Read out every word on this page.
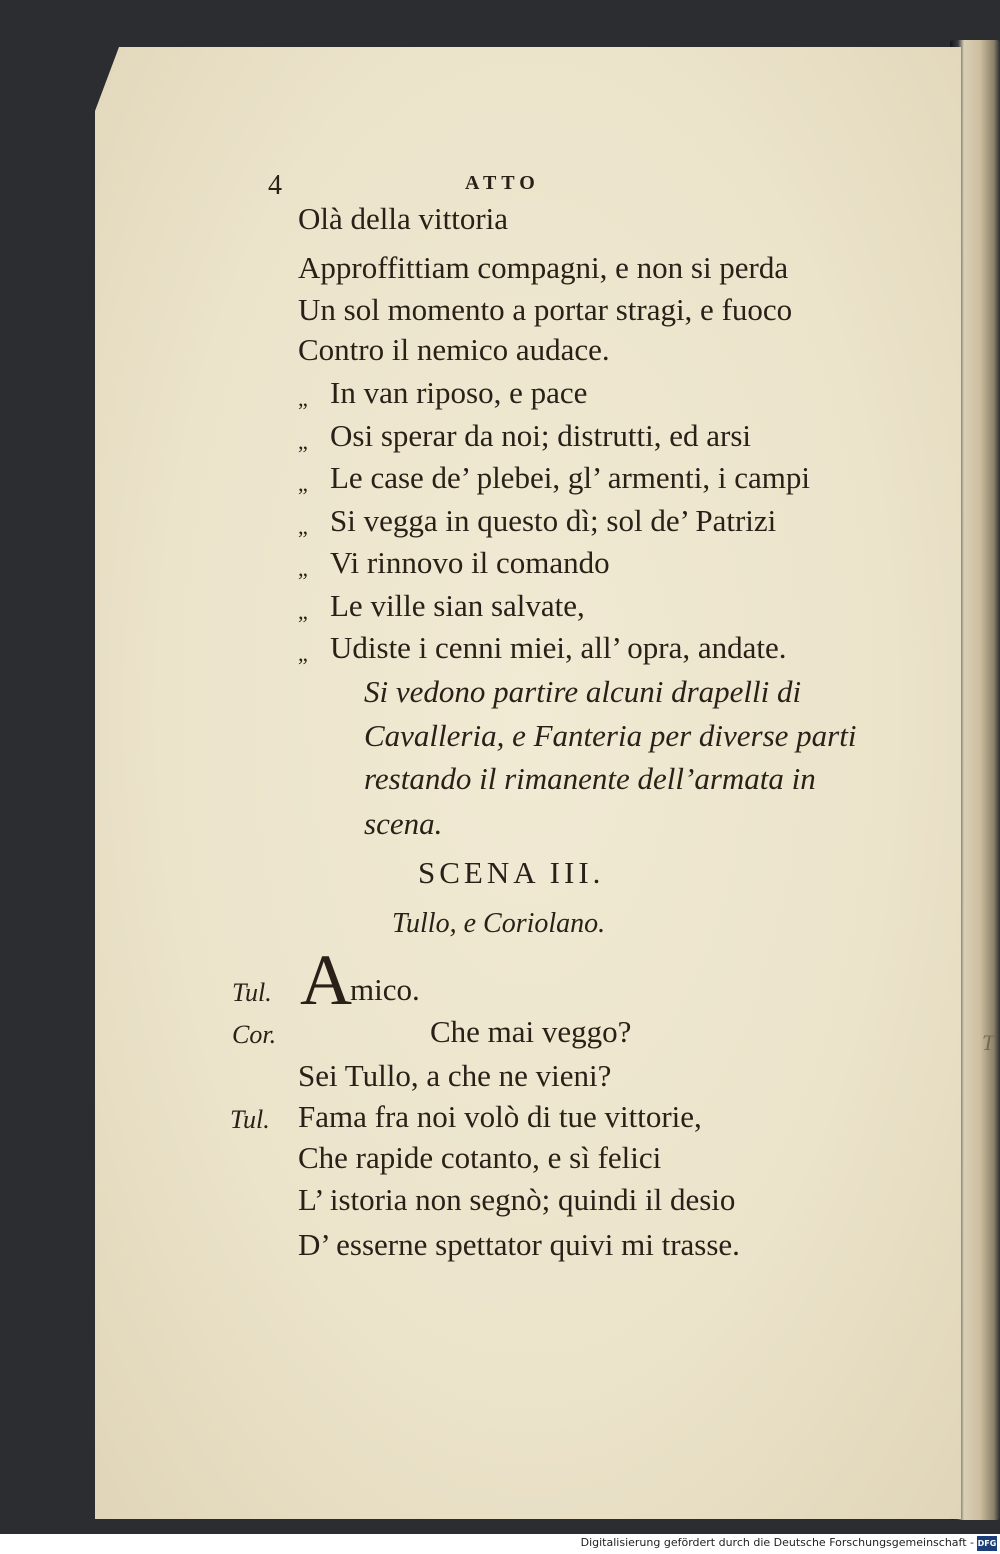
T
4	ATTO
Olà della vittoria
Approffittiam compagni, e non si perda
Un sol momento a portar stragi, e fuoco
Contro il nemico audace.
„ In van riposo, e pace
„ Osi sperar da noi; distrutti, ed arsi
„ Le case de’ plebei, gl’ armenti, i campi
„ Si vegga in questo dì; sol de’ Patrizi
„ Vi rinnovo il comando
„ Le ville sian salvate,
„ Udiste i cenni miei, all’ opra, andate.
Si vedono partire alcuni drapelli di
Cavalleria, e Fanteria per diverse parti
restando il rimanente dell’armata in
scena.
SCENA III.
Tullo, e Coriolano.
Tul. A
mico.
Cor.	Che mai veggo?
Sei Tullo, a che ne vieni?
Tul. Fama fra noi volò di tue vittorie,
Che rapide cotanto, e sì felici
L’ istoria non segnò; quindi il desio
D’ esserne spettator quivi mi trasse.
Digitalisierung gefördert durch die Deutsche Forschungsgemeinschaft - DFG
